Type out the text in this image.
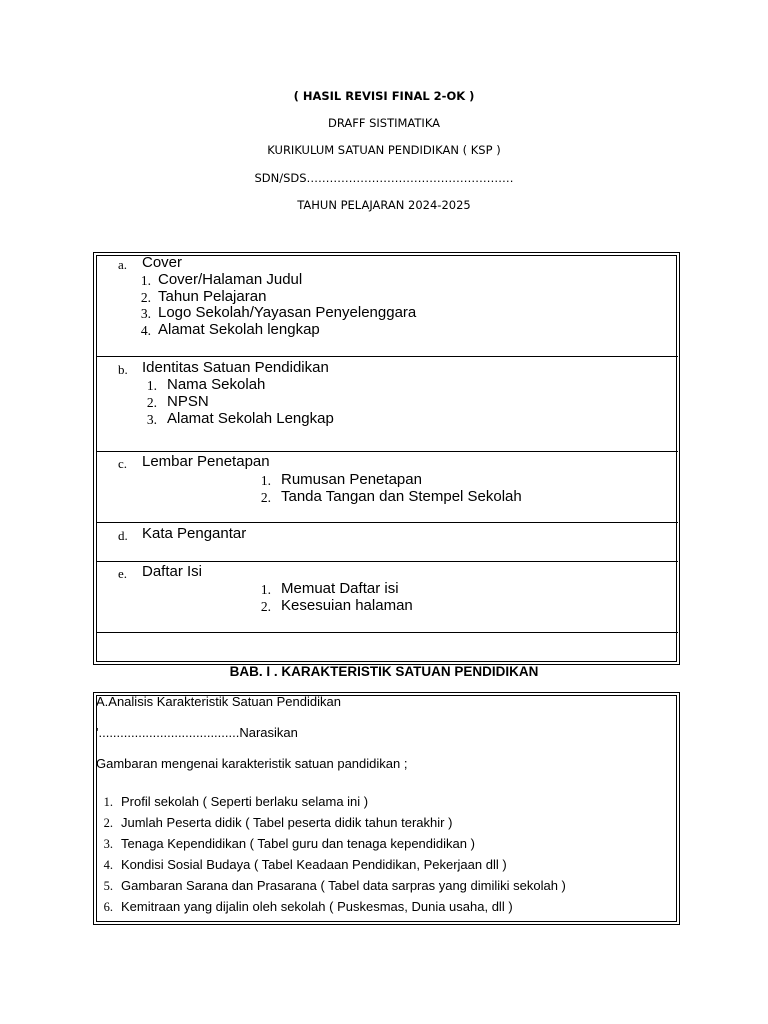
( HASIL REVISI FINAL 2-OK )
DRAFF SISTIMATIKA
KURIKULUM SATUAN PENDIDIKAN ( KSP )
SDN/SDS………………………………………………
TAHUN PELAJARAN 2024-2025
a. Cover
1. Cover/Halaman Judul
2. Tahun Pelajaran
3. Logo Sekolah/Yayasan Penyelenggara
4. Alamat Sekolah lengkap
b. Identitas Satuan Pendidikan
1. Nama Sekolah
2. NPSN
3. Alamat Sekolah Lengkap
c. Lembar Penetapan
1. Rumusan Penetapan
2. Tanda Tangan dan Stempel Sekolah
d. Kata Pengantar
e. Daftar Isi
1. Memuat Daftar isi
2. Kesesuian halaman
BAB. I . KARAKTERISTIK SATUAN PENDIDIKAN
A.Analisis Karakteristik Satuan Pendidikan
'.......................................Narasikan
Gambaran mengenai karakteristik satuan pandidikan ;
1. Profil sekolah ( Seperti berlaku selama ini )
2. Jumlah Peserta didik ( Tabel peserta didik tahun terakhir )
3. Tenaga Kependidikan ( Tabel guru dan tenaga kependidikan )
4. Kondisi Sosial Budaya ( Tabel Keadaan Pendidikan, Pekerjaan dll )
5. Gambaran Sarana dan Prasarana ( Tabel data sarpras yang dimiliki sekolah )
6. Kemitraan yang dijalin oleh sekolah ( Puskesmas, Dunia usaha, dll )
